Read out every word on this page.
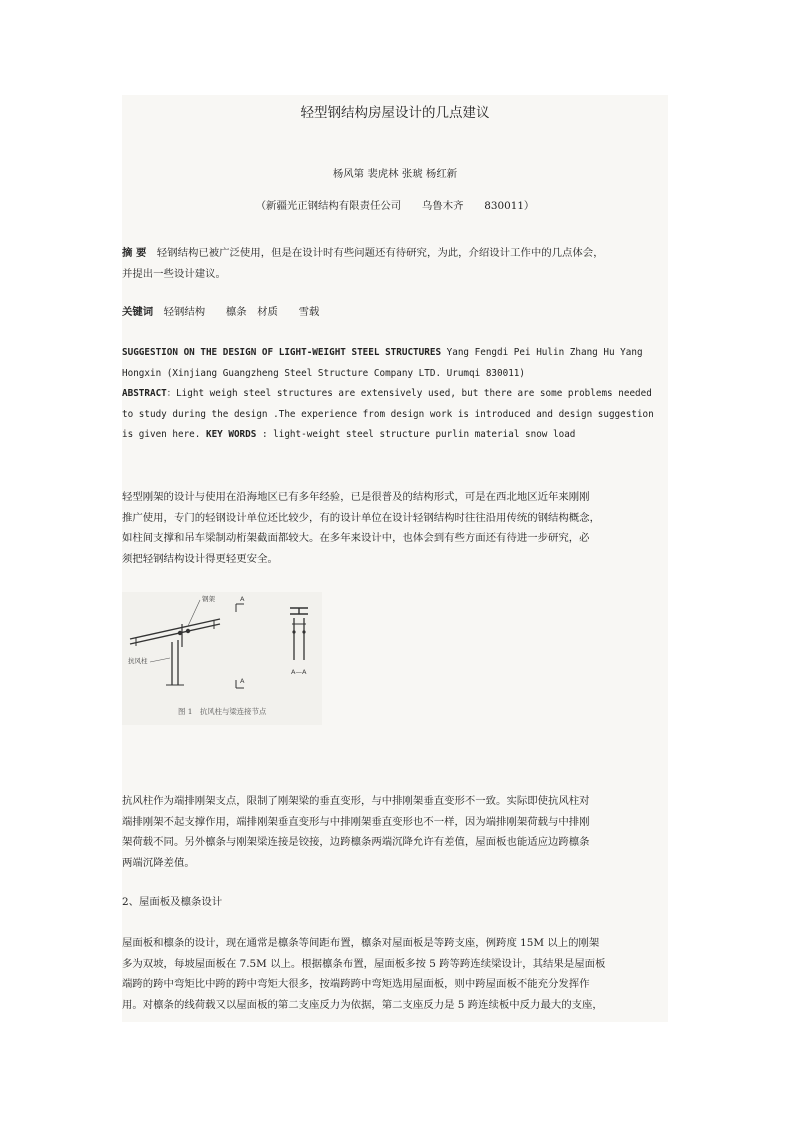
轻型钢结构房屋设计的几点建议
杨风第 裴虎林 张琥 杨红新
（新疆光正钢结构有限责任公司　　乌鲁木齐　　830011）
摘 要　 轻钢结构已被广泛使用，但是在设计时有些问题还有待研究，为此，介绍设计工作中的几点体会，
并提出一些设计建议。
关键词　 轻钢结构　　檩条　材质　　雪载
SUGGESTION ON THE DESIGN OF LIGHT-WEIGHT STEEL STRUCTURES Yang Fengdi Pei Hulin Zhang Hu Yang
Hongxin (Xinjiang Guangzheng Steel Structure Company LTD. Urumqi 830011)
ABSTRACT：Light weigh steel structures are extensively used, but there are some problems needed
to study during the design .The experience from design work is introduced and design suggestion
is given here. KEY WORDS : light-weight steel structure purlin material snow load
轻型刚架的设计与使用在沿海地区已有多年经验，已是很普及的结构形式，可是在西北地区近年来刚刚
推广使用，专门的轻钢设计单位还比较少，有的设计单位在设计轻钢结构时往往沿用传统的钢结构概念，
如柱间支撑和吊车梁制动桁架截面都较大。在多年来设计中，也体会到有些方面还有待进一步研究，必
须把轻钢结构设计得更轻更安全。
钢架
抗风柱
A
A
A—A
图 1　抗风柱与梁连接节点
抗风柱作为端排刚架支点，限制了刚架梁的垂直变形，与中排刚架垂直变形不一致。实际即使抗风柱对
端排刚架不起支撑作用，端排刚架垂直变形与中排刚架垂直变形也不一样，因为端排刚架荷载与中排刚
架荷载不同。另外檩条与刚架梁连接是铰接，边跨檩条两端沉降允许有差值，屋面板也能适应边跨檩条
两端沉降差值。
2、屋面板及檩条设计
屋面板和檩条的设计，现在通常是檩条等间距布置，檩条对屋面板是等跨支座，例跨度 15M 以上的刚架
多为双坡，每坡屋面板在 7.5M 以上。根据檩条布置，屋面板多按 5 跨等跨连续梁设计，其结果是屋面板
端跨的跨中弯矩比中跨的跨中弯矩大很多，按端跨跨中弯矩选用屋面板，则中跨屋面板不能充分发挥作
用。对檩条的线荷载又以屋面板的第二支座反力为依据，第二支座反力是 5 跨连续板中反力最大的支座，
